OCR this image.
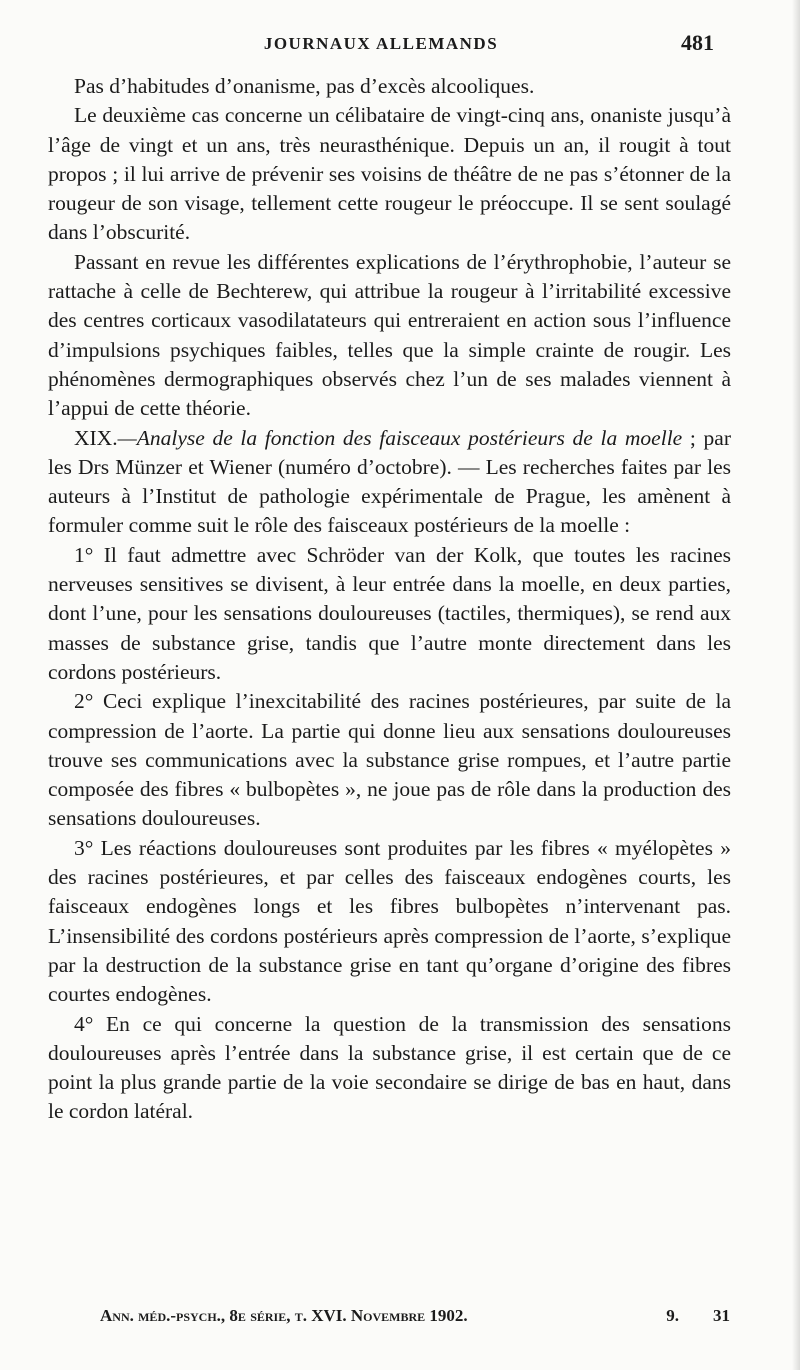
JOURNAUX ALLEMANDS	481

Pas d’habitudes d’onanisme, pas d’excès alcooliques.

Le deuxième cas concerne un célibataire de vingt-cinq ans, onaniste jusqu’à l’âge de vingt et un ans, très neurasthénique. Depuis un an, il rougit à tout propos ; il lui arrive de prévenir ses voisins de théâtre de ne pas s’étonner de la rougeur de son visage, tellement cette rougeur le préoccupe. Il se sent soulagé dans l’obscurité.

Passant en revue les différentes explications de l’érythrophobie, l’auteur se rattache à celle de Bechterew, qui attribue la rougeur à l’irritabilité excessive des centres corticaux vasodilatateurs qui entreraient en action sous l’influence d’impulsions psychiques faibles, telles que la simple crainte de rougir. Les phénomènes dermographiques observés chez l’un de ses malades viennent à l’appui de cette théorie.

XIX.—Analyse de la fonction des faisceaux postérieurs de la moelle ; par les Drs Münzer et Wiener (numéro d’octobre). — Les recherches faites par les auteurs à l’Institut de pathologie expérimentale de Prague, les amènent à formuler comme suit le rôle des faisceaux postérieurs de la moelle :

1° Il faut admettre avec Schröder van der Kolk, que toutes les racines nerveuses sensitives se divisent, à leur entrée dans la moelle, en deux parties, dont l’une, pour les sensations douloureuses (tactiles, thermiques), se rend aux masses de substance grise, tandis que l’autre monte directement dans les cordons postérieurs.

2° Ceci explique l’inexcitabilité des racines postérieures, par suite de la compression de l’aorte. La partie qui donne lieu aux sensations douloureuses trouve ses communications avec la substance grise rompues, et l’autre partie composée des fibres « bulbopètes », ne joue pas de rôle dans la production des sensations douloureuses.

3° Les réactions douloureuses sont produites par les fibres « myélopètes » des racines postérieures, et par celles des faisceaux endogènes courts, les faisceaux endogènes longs et les fibres bulbopètes n’intervenant pas. L’insensibilité des cordons postérieurs après compression de l’aorte, s’explique par la destruction de la substance grise en tant qu’organe d’origine des fibres courtes endogènes.

4° En ce qui concerne la question de la transmission des sensations douloureuses après l’entrée dans la substance grise, il est certain que de ce point la plus grande partie de la voie secondaire se dirige de bas en haut, dans le cordon latéral.

Ann. méd.-psych., 8e série, t. XVI. Novembre 1902.	9. 31
